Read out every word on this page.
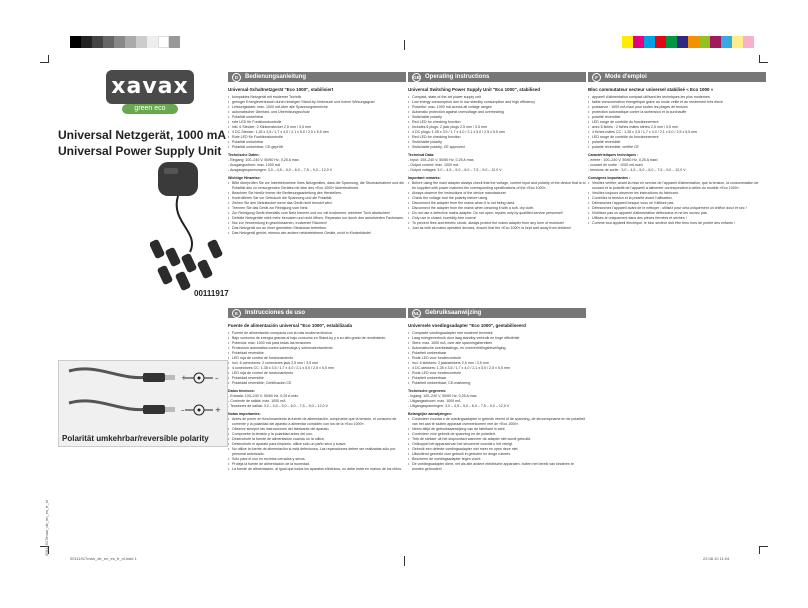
xavax
green eco
Universal Netzgerät, 1000 mA
Universal Power Supply Unit
00111917
+	–
–	+
Polarität umkehrbar/reversible polarity
00111917/man_de_en_es_fr_nl
00111917man_de_en_es_fr_nl.indd 1	22.08.10 11:04
D	Bedienungsanleitung
Universal-Schaltnetzgerät "Eco 1000", stabilisiert
• kompaktes Netzgerät mit moderner Technik
• geringer Energieverbrauch durch niedrigen Stand-by-Verbrauch und hohen Wirkungsgrad
• Leistungsstark: max. 1000 mA über alle Spannungsbereiche
• automatischer Überlast- und Überhitzungsschutz
• Polarität umkehrbar
• rote LED für Funktionskontrolle
• inkl. 6 Stecker: 2 Klinkenstecker 2,5 mm / 3,5 mm
• 4 DC-Stecker: 1,35 x 3,5 / 1,7 x 4,0 / 2,1 x 5,0 / 2,5 x 5,5 mm
• Rote LED für Funktionskontrolle
• Polarität umkehrbar
• Polarität umkehrbar; CE-geprüft
Technische Daten:
- Eingang: 100–240 V, 50/60 Hz, 0,25 A max.
- Ausgangsstrom: max. 1000 mA
- Ausgangsspannungen: 3,0 – 4,5 – 5,0 – 6,0 – 7,5 – 9,0 – 12,0 V
Wichtige Hinweise:
• Bitte überprüfen Sie vor Inbetriebnahme Ihres Netzgerätes, dass die Spannung, die Stromaufnahme und die Polarität des zu versorgenden Gerätes mit dem des »Eco 1000« übereinstimmt.
• Beachten Sie hierfür immer die Bedienungsanleitung des Herstellers.
• Kontrollieren Sie vor Gebrauch die Spannung und die Polarität.
• Ziehen Sie den Netzstecker wenn das Gerät nicht benutzt wird.
• Trennen Sie das Gerät zur Reinigung vom Netz.
• Zur Reinigung Gerät ebenfalls vom Netz trennen und nur mit trockenem, weichem Tuch abwischen!
• Defekte Netzgeräte nicht mehr benutzen und nicht öffnen. Reparatur nur durch den autorisierten Fachmann.
• Nur zur Verwendung in geschlossenen, trockenen Räumen!
• Das Netzgerät nur an einer geerdeten Steckdose betreiben.
• Das Netzgerät gehört, ebenso wie andere netzbetriebene Geräte, nicht in Kinderhände!
GB Operating instructions
Universal Switching Power Supply Unit "Eco 1000", stabilised
• Compact, state-of-the-art power supply unit
• Low energy consumption due to low standby consumption and high efficiency
• Powerful: max. 1000 mA across all voltage ranges
• Automatic protection against overvoltage and overheating
• Switchable polarity
• Red LED for checking function
• Includes 6 plugs: 2 jack plugs 2.5 mm / 3.5 mm
• 4 DC plugs: 1.35 x 3.5 / 1.7 x 4.0 / 2.1 x 5.0 / 2.5 x 5.5 mm
• Red LED for checking function
• Switchable polarity
• Switchable polarity, CE approved
Technical Data:
- Input: 100–240 V, 50/60 Hz, 0.25 A max.
- Output current: max. 1000 mA
- Output voltages: 3.0 – 4.5 – 5.0 – 6.0 – 7.5 – 9.0 – 12.0 V
Important remarks:
• Before using the main adapter always check that the voltage, current input and polarity of the device that is to be supplied with power matches the corresponding specifications of the »Eco 1000«.
• Always observe the instructions of the device manufacturer.
• Check the voltage and the polarity before using.
• Disconnect the adapter from the mains when it is not being used.
• Disconnect the adapter from the mains when cleaning it with a soft, dry cloth.
• Do not use a defective mains adapter. Do not open; repairs only by qualified service personnel!
• Only use in closed, humidity-free rooms!
• To prevent fires and electric shock, always protect the mains adapter from any form of moisture!
• Just as with all mains operated devices, ensure that the »Eco 1000« is kept well away from children!
F	Mode d'emploi
Bloc commutateur secteur universel stabilisé « Eco 1000 »
• appareil d'alimentation compact utilisant les techniques les plus modernes
• faible consommation énergétique grâce au mode veille et au rendement très élevé
• puissance : 1000 mA maxi pour toutes les plages de tension
• protection automatique contre la surtension et la surchauffe
• polarité réversible
• LED rouge de contrôle du fonctionnement
• avec 6 fiches : 2 fiches mâles stéréo 2,5 mm / 3,5 mm
• 4 fiches mâles CC : 1,35 x 3,5 / 1,7 x 4,0 / 2,1 x 5,0 / 2,5 x 5,5 mm
• LED rouge de contrôle du fonctionnement
• polarité réversible
• polarité réversible, certifié CE
Caractéristiques techniques :
- entrée : 100–240 V, 50/60 Hz, 0,25 A maxi
- courant de sortie : 1000 mA maxi
- tensions de sortie : 3,0 – 4,5 – 5,0 – 6,0 – 7,5 – 9,0 – 12,0 V
Consignes importantes :
• Veuillez vérifier, avant la mise en service de l'appareil d'alimentation, que la tension, la consommation de courant et la polarité de l'appareil à alimenter correspondent à celles du modèle »Eco 1000«.
• Veuillez toujours observer les instructions du fabricant.
• Contrôlez la tension et la polarité avant l'utilisation.
• Débranchez l'appareil lorsque vous ne l'utilisez pas.
• Débranchez l'appareil avant de le nettoyer ; utilisez pour cela uniquement un chiffon doux et sec !
• N'utilisez pas un appareil d'alimentation défectueux et ne les ouvrez pas.
• Utilisez-le uniquement dans des pièces fermées et sèches !
• Comme tout appareil électrique, le bloc secteur doit être tenu hors de portée des enfants !
E	Instrucciones de uso
Fuente de alimentación universal "Eco 1000", estabilizada
• Fuente de alimentación compacta con la más moderna técnica
• Bajo consumo de energía gracias al bajo consumo en Stand-by y a su alto grado de rendimiento
• Potencia: máx. 1000 mA para todas las tensiones
• Protección automática contra sobrecarga y sobrecalentamiento
• Polaridad reversible
• LED roja de control de funcionamiento
• Incl. 6 conectores: 2 conectores jack 2,5 mm / 3,5 mm
• 4 conectores CC: 1,35 x 3,5 / 1,7 x 4,0 / 2,1 x 5,0 / 2,5 x 5,5 mm
• LED roja de control de funcionamiento
• Polaridad reversible
• Polaridad reversible; Certificación CE
Datos técnicos:
- Entrada: 100–240 V, 50/60 Hz, 0,25 A máx.
- Corriente de salida: máx. 1000 mA
- Tensiones de salida: 3,0 – 4,5 – 5,0 – 6,0 – 7,5 – 9,0 – 12,0 V
Notas importantes:
• Antes de poner en funcionamiento la fuente de alimentación, compruebe que la tensión, el consumo de corriente y la polaridad del aparato a alimentar coinciden con los de la »Eco 1000«.
• Observe siempre las instrucciones del fabricante del aparato.
• Compruebe la tensión y la polaridad antes del uso.
• Desenchufe la fuente de alimentación cuando no la utilice.
• Desenchufe el aparato para limpiarlo, utilice sólo un paño seco y suave.
• No utilice la fuente de alimentación si está defectuosa. Las reparaciones deben ser realizadas sólo por personal autorizado.
• Sólo para el uso en recintos cerrados y secos.
• Proteja la fuente de alimentación de la humedad.
• La fuente de alimentación, al igual que todos los aparatos eléctricos, no debe estar en manos de los niños.
NL Gebruiksaanwijzing
Universele voedingsadapter "Eco 1000", gestabiliseerd
• Compacte voedingsadapter met moderne techniek
• Laag energieverbruik door laag standby-verbruik en hoge efficiëntie
• Sterk: max. 1000 mA, over alle spanningsbereiken
• Automatische overbelastings- en oververhittingsbeveiliging
• Polariteit omkeerbaar
• Rode LED voor functiecontrole
• Incl. 6 stekkers: 2 jackstekkers 2,5 mm / 3,5 mm
• 4 DC-stekkers: 1,35 x 3,5 / 1,7 x 4,0 / 2,1 x 5,0 / 2,5 x 5,5 mm
• Rode LED voor functiecontrole
• Polariteit omkeerbaar
• Polariteit omkeerbaar; CE-markering
Technische gegevens:
- Ingang: 100–240 V, 50/60 Hz, 0,25 A max.
- Uitgangsstroom: max. 1000 mA
- Uitgangsspanningen: 3,0 – 4,5 – 5,0 – 6,0 – 7,5 – 9,0 – 12,0 V
Belangrijke aanwijzingen:
• Controleer voordat u de voedingsadapter in gebruik neemt of de spanning, de stroomopname en de polariteit van het aan te sluiten apparaat overeenkomen met de »Eco 1000«.
• Neem altijd de gebruiksaanwijzing van de fabrikant in acht.
• Controleer vóór gebruik de spanning en de polariteit.
• Trek de stekker uit het stopcontact wanneer de adapter niet wordt gebruikt.
• Ontkoppel het apparaat van het stroomnet voordat u het reinigt.
• Gebruik een defecte voedingsadapter niet meer en open deze niet.
• Uitsluitend geschikt voor gebruik in gesloten en droge ruimtes.
• Bescherm de voedingsadapter tegen vocht.
• De voedingsadapter dient, net als alle andere elektrische apparaten, buiten het bereik van kinderen te worden gehouden!
